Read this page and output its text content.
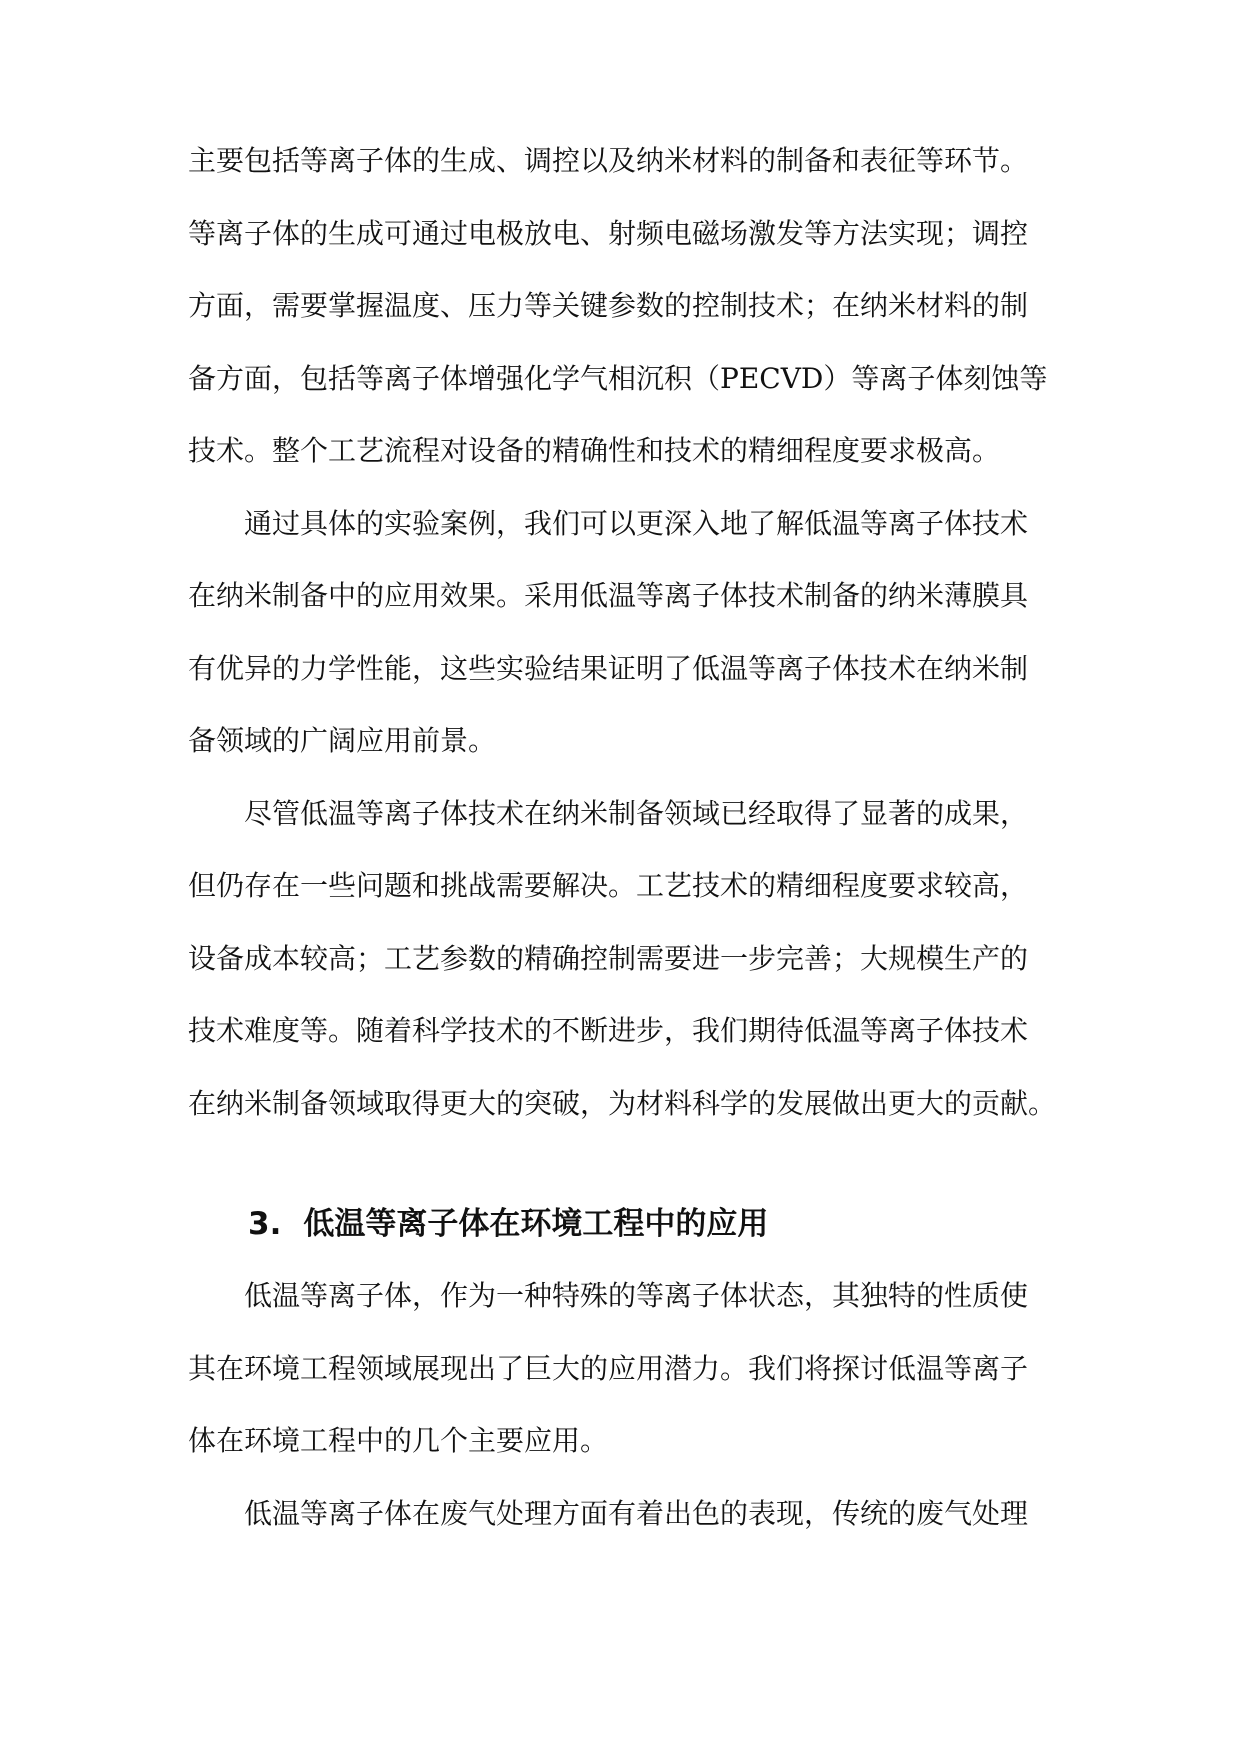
主要包括等离子体的生成、调控以及纳米材料的制备和表征等环节。
等离子体的生成可通过电极放电、射频电磁场激发等方法实现；调控
方面，需要掌握温度、压力等关键参数的控制技术；在纳米材料的制
备方面，包括等离子体增强化学气相沉积（PECVD）等离子体刻蚀等
技术。整个工艺流程对设备的精确性和技术的精细程度要求极高。
通过具体的实验案例，我们可以更深入地了解低温等离子体技术
在纳米制备中的应用效果。采用低温等离子体技术制备的纳米薄膜具
有优异的力学性能，这些实验结果证明了低温等离子体技术在纳米制
备领域的广阔应用前景。
尽管低温等离子体技术在纳米制备领域已经取得了显著的成果，
但仍存在一些问题和挑战需要解决。工艺技术的精细程度要求较高，
设备成本较高；工艺参数的精确控制需要进一步完善；大规模生产的
技术难度等。随着科学技术的不断进步，我们期待低温等离子体技术
在纳米制备领域取得更大的突破，为材料科学的发展做出更大的贡献。
3. 低温等离子体在环境工程中的应用
低温等离子体，作为一种特殊的等离子体状态，其独特的性质使
其在环境工程领域展现出了巨大的应用潜力。我们将探讨低温等离子
体在环境工程中的几个主要应用。
低温等离子体在废气处理方面有着出色的表现，传统的废气处理
